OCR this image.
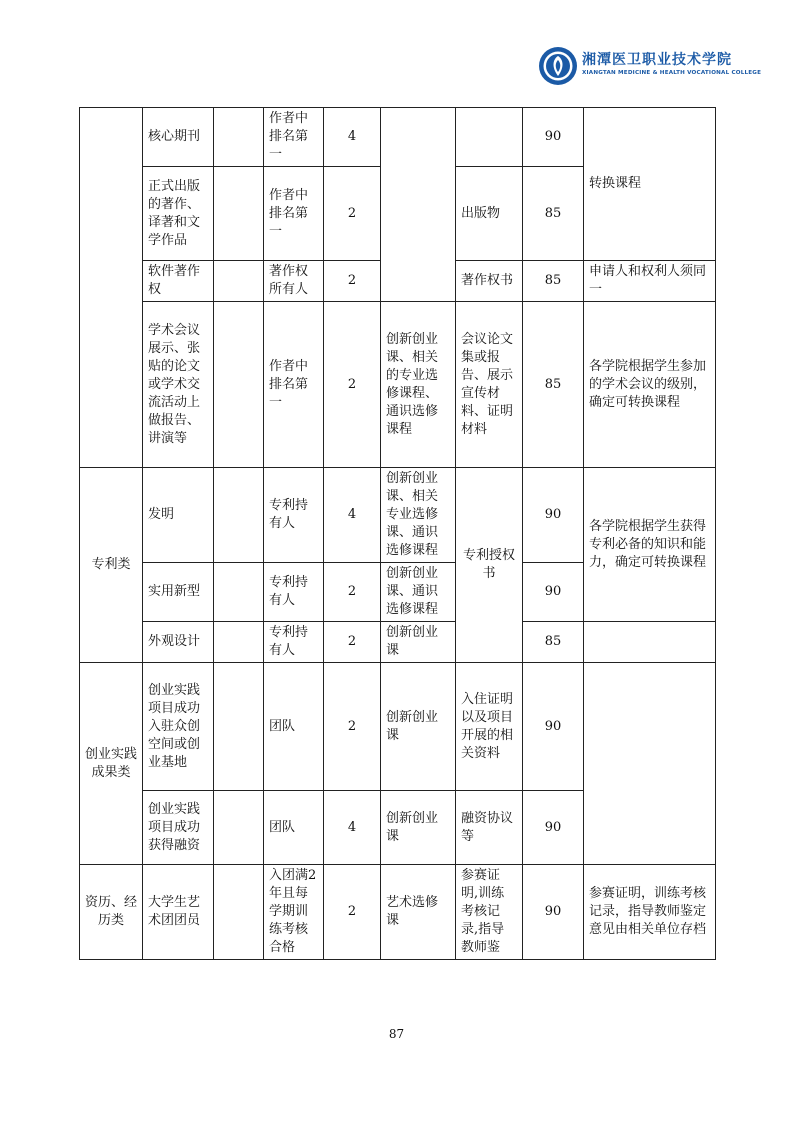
湘潭医卫职业技术学院
XIANGTAN MEDICINE & HEALTH VOCATIONAL COLLEGE
	核心期刊		作者中排名第一	4			90	转换课程
	正式出版的著作、译著和文学作品		作者中排名第一	2		出版物	85	
	软件著作权		著作权所有人	2		著作权书	85	申请人和权利人须同一
	学术会议展示、张贴的论文或学术交流活动上做报告、讲演等		作者中排名第一	2	创新创业课、相关的专业选修课程、通识选修课程	会议论文集或报告、展示宣传材料、证明材料	85	各学院根据学生参加的学术会议的级别，确定可转换课程
专利类	发明		专利持有人	4	创新创业课、相关专业选修课、通识选修课程	专利授权书	90	各学院根据学生获得专利必备的知识和能力，确定可转换课程
	实用新型		专利持有人	2	创新创业课、通识选修课程		90	
	外观设计		专利持有人	2	创新创业课		85	
创业实践成果类	创业实践项目成功入驻众创空间或创业基地		团队	2	创新创业课	入住证明以及项目开展的相关资料	90	
	创业实践项目成功获得融资		团队	4	创新创业课	融资协议等	90	
资历、经历类	大学生艺术团团员		入团满2年且每学期训练考核合格	2	艺术选修课	参赛证明,训练考核记录,指导教师鉴	90	参赛证明，训练考核记录，指导教师鉴定意见由相关单位存档
87
